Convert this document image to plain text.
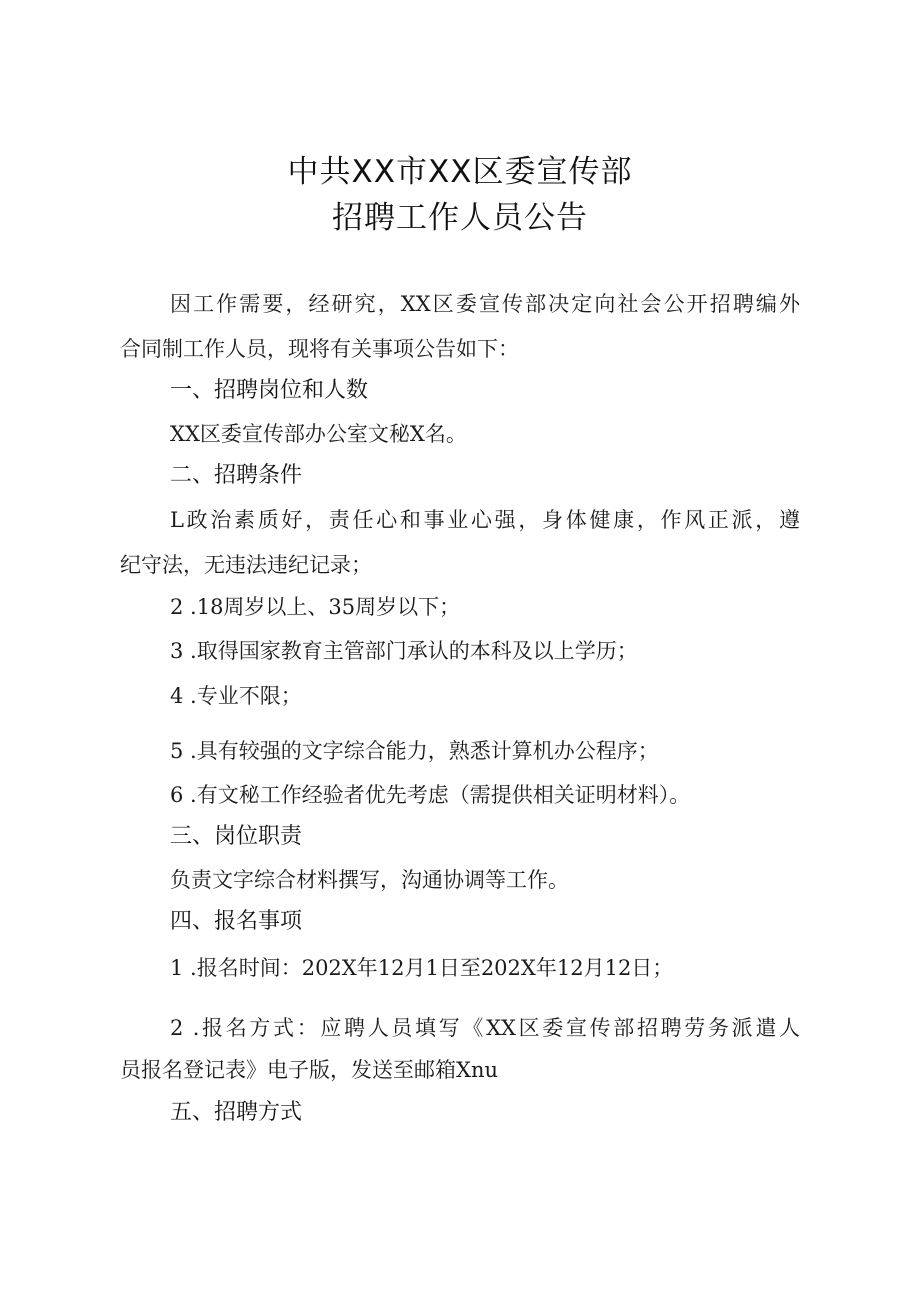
中共XX市XX区委宣传部
招聘工作人员公告
因工作需要，经研究，XX区委宣传部决定向社会公开招聘编外
合同制工作人员，现将有关事项公告如下：
一、招聘岗位和人数
XX区委宣传部办公室文秘X名。
二、招聘条件
L政治素质好，责任心和事业心强，身体健康，作风正派，遵
纪守法，无违法违纪记录；
2 .18周岁以上、35周岁以下；
3 .取得国家教育主管部门承认的本科及以上学历；
4 .专业不限；
5 .具有较强的文字综合能力，熟悉计算机办公程序；
6 .有文秘工作经验者优先考虑（需提供相关证明材料）。
三、岗位职责
负责文字综合材料撰写，沟通协调等工作。
四、报名事项
1 .报名时间：202X年12月1日至202X年12月12日；
2 .报名方式：应聘人员填写《XX区委宣传部招聘劳务派遣人
员报名登记表》电子版，发送至邮箱Xnu
五、招聘方式
